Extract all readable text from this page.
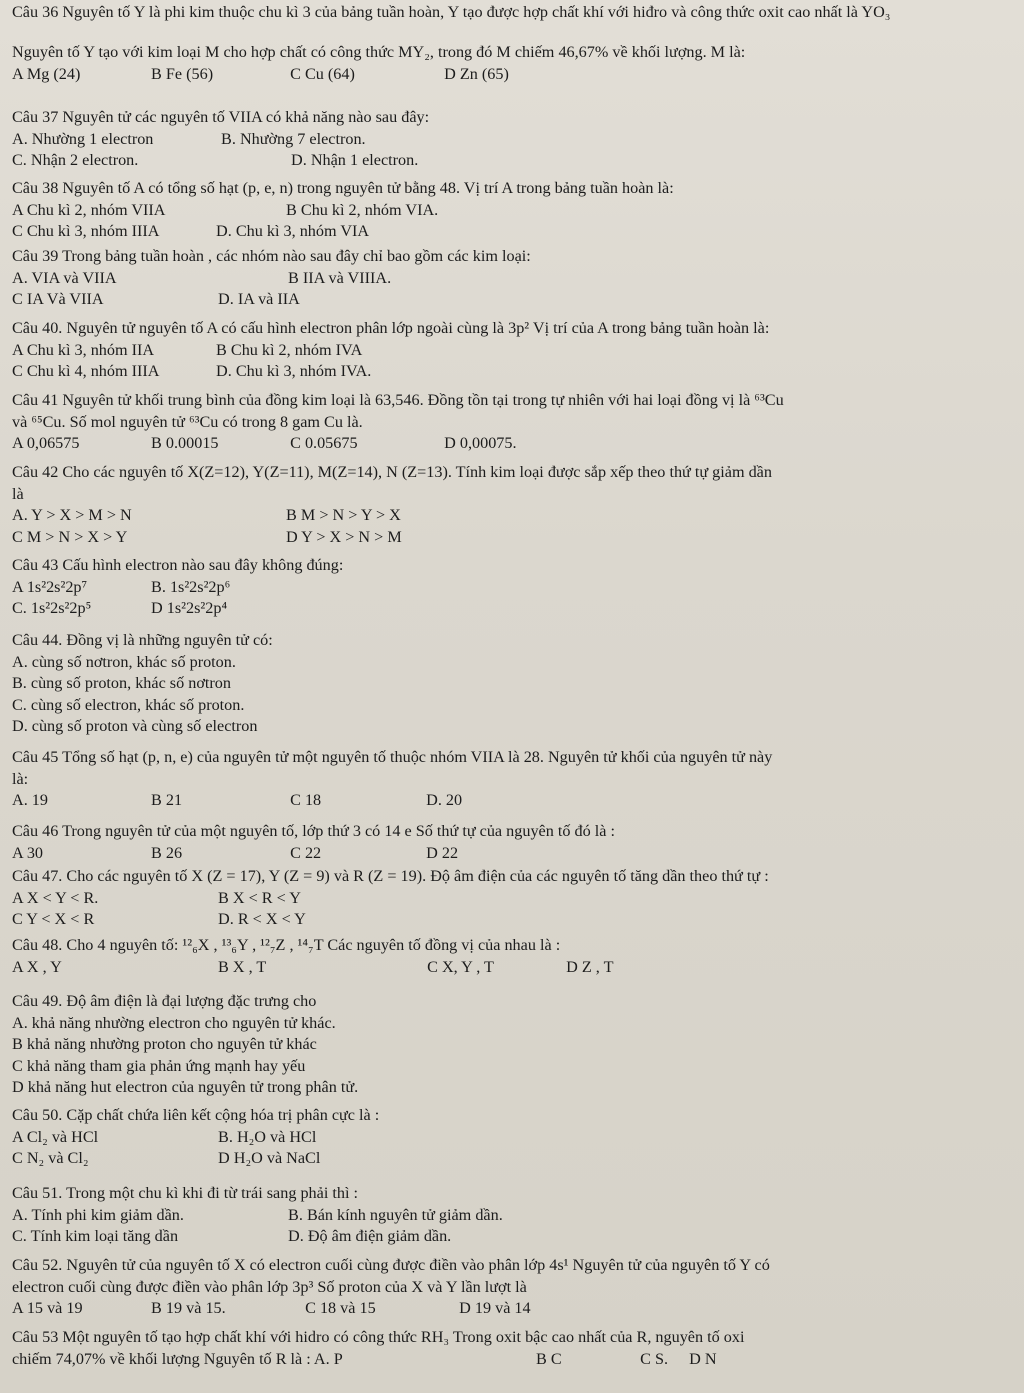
Câu 36 Nguyên tố Y là phi kim thuộc chu kì 3 của bảng tuần hoàn, Y tạo được hợp chất khí với hiđro và công thức oxit cao nhất là YO₃
Nguyên tố Y tạo với kim loại M cho hợp chất có công thức MY₂, trong đó M chiếm 46,67% về khối lượng. M là:
A Mg (24)	B Fe (56)	C Cu (64)	D Zn (65)
Câu 37 Nguyên tử các nguyên tố VIIA có khả năng nào sau đây:
A. Nhường 1 electron	B. Nhường 7 electron.
C. Nhận 2 electron.	D. Nhận 1 electron.
Câu 38 Nguyên tố A có tổng số hạt (p, e, n) trong nguyên tử bằng 48. Vị trí A trong bảng tuần hoàn là:
A Chu kì 2, nhóm VIIA	B Chu kì 2, nhóm VIA.
C Chu kì 3, nhóm IIIA	D. Chu kì 3, nhóm VIA
Câu 39 Trong bảng tuần hoàn , các nhóm nào sau đây chỉ bao gồm các kim loại:
A. VIA và VIIA	B IIA và VIIIA.
C IA Và VIIA	D. IA và IIA
Câu 40. Nguyên tử nguyên tố A có cấu hình electron phân lớp ngoài cùng là 3p² Vị trí của A trong bảng tuần hoàn là:
A Chu kì 3, nhóm IIA	B Chu kì 2, nhóm IVA
C Chu kì 4, nhóm IIIA	D. Chu kì 3, nhóm IVA.
Câu 41 Nguyên tử khối trung bình của đồng kim loại là 63,546. Đồng tồn tại trong tự nhiên với hai loại đồng vị là ⁶³Cu
và ⁶⁵Cu. Số mol nguyên tử ⁶³Cu có trong 8 gam Cu là.
A 0,06575	B 0.00015	C 0.05675	D 0,00075.
Câu 42 Cho các nguyên tố X(Z=12), Y(Z=11), M(Z=14), N (Z=13). Tính kim loại được sắp xếp theo thứ tự giảm dần
là
A. Y > X > M > N	B M > N > Y > X
C M > N > X > Y	D Y > X > N > M
Câu 43 Cấu hình electron nào sau đây không đúng:
A 1s²2s²2p⁷	B. 1s²2s²2p⁶
C. 1s²2s²2p⁵	D 1s²2s²2p⁴
Câu 44. Đồng vị là những nguyên tử có:
A. cùng số nơtron, khác số proton.
B. cùng số proton, khác số nơtron
C. cùng số electron, khác số proton.
D. cùng số proton và cùng số electron
Câu 45 Tổng số hạt (p, n, e) của nguyên tử một nguyên tố thuộc nhóm VIIA là 28. Nguyên tử khối của nguyên tử này
là:
A. 19	B 21	C 18	D. 20
Câu 46 Trong nguyên tử của một nguyên tố, lớp thứ 3 có 14 e Số thứ tự của nguyên tố đó là :
A 30	B 26	C 22	D 22
Câu 47. Cho các nguyên tố X (Z = 17), Y (Z = 9) và R (Z = 19). Độ âm điện của các nguyên tố tăng dần theo thứ tự :
A X < Y < R.	B X < R < Y
C Y < X < R	D. R < X < Y
Câu 48. Cho 4 nguyên tố: ¹²₆X , ¹³₆Y , ¹²₇Z , ¹⁴₇T Các nguyên tố đồng vị của nhau là :
A X , Y	B X , T	C X, Y , T	D Z , T
Câu 49. Độ âm điện là đại lượng đặc trưng cho
A. khả năng nhường electron cho nguyên tử khác.
B khả năng nhường proton cho nguyên tử khác
C khả năng tham gia phản ứng mạnh hay yếu
D khả năng hut electron của nguyên tử trong phân tử.
Câu 50. Cặp chất chứa liên kết cộng hóa trị phân cực là :
A Cl₂ và HCl	B. H₂O và HCl
C N₂ và Cl₂	D H₂O và NaCl
Câu 51. Trong một chu kì khi đi từ trái sang phải thì :
A. Tính phi kim giảm dần.	B. Bán kính nguyên tử giảm dần.
C. Tính kim loại tăng dần	D. Độ âm điện giảm dần.
Câu 52. Nguyên tử của nguyên tố X có electron cuối cùng được điền vào phân lớp 4s¹ Nguyên tử của nguyên tố Y có
electron cuối cùng được điền vào phân lớp 3p³ Số proton của X và Y lần lượt là
A 15 và 19	B 19 và 15.	C 18 và 15	D 19 và 14
Câu 53 Một nguyên tố tạo hợp chất khí với hidro có công thức RH₃ Trong oxit bậc cao nhất của R, nguyên tố oxi
chiếm 74,07% về khối lượng Nguyên tố R là : A. P	B C	C S. D N
